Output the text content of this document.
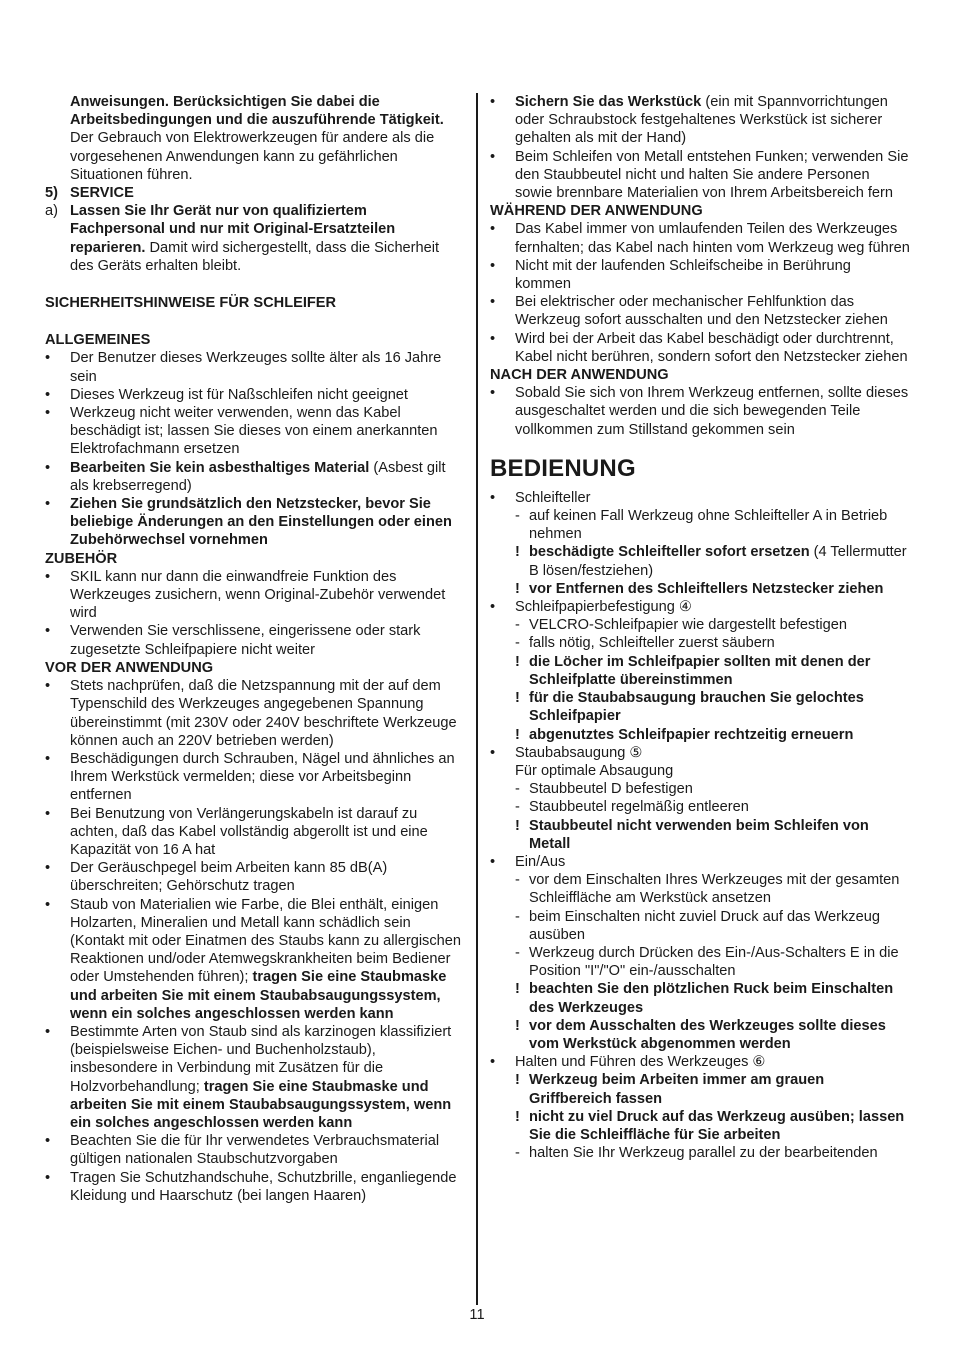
Anweisungen. Berücksichtigen Sie dabei die Arbeitsbedingungen und die auszuführende Tätigkeit. Der Gebrauch von Elektrowerkzeugen für andere als die vorgesehenen Anwendungen kann zu gefährlichen Situationen führen.

5) SERVICE

a) Lassen Sie Ihr Gerät nur von qualifiziertem Fachpersonal und nur mit Original-Ersatzteilen reparieren. Damit wird sichergestellt, dass die Sicherheit des Geräts erhalten bleibt.

SICHERHEITSHINWEISE FÜR SCHLEIFER

ALLGEMEINES

•	Der Benutzer dieses Werkzeuges sollte älter als 16 Jahre sein

•	Dieses Werkzeug ist für Naßschleifen nicht geeignet

•	Werkzeug nicht weiter verwenden, wenn das Kabel beschädigt ist; lassen Sie dieses von einem anerkannten Elektrofachmann ersetzen

•	Bearbeiten Sie kein asbesthaltiges Material (Asbest gilt als krebserregend)

•	Ziehen Sie grundsätzlich den Netzstecker, bevor Sie beliebige Änderungen an den Einstellungen oder einen Zubehörwechsel vornehmen

ZUBEHÖR

•	SKIL kann nur dann die einwandfreie Funktion des Werkzeuges zusichern, wenn Original-Zubehör verwendet wird

•	Verwenden Sie verschlissene, eingerissene oder stark zugesetzte Schleifpapiere nicht weiter

VOR DER ANWENDUNG

•	Stets nachprüfen, daß die Netzspannung mit der auf dem Typenschild des Werkzeuges angegebenen Spannung übereinstimmt (mit 230V oder 240V beschriftete Werkzeuge können auch an 220V betrieben werden)

•	Beschädigungen durch Schrauben, Nägel und ähnliches an Ihrem Werkstück vermelden; diese vor Arbeitsbeginn entfernen

•	Bei Benutzung von Verlängerungskabeln ist darauf zu achten, daß das Kabel vollständig abgerollt ist und eine Kapazität von 16 A hat

•	Der Geräuschpegel beim Arbeiten kann 85 dB(A) überschreiten; Gehörschutz tragen

•	Staub von Materialien wie Farbe, die Blei enthält, einigen Holzarten, Mineralien und Metall kann schädlich sein (Kontakt mit oder Einatmen des Staubs kann zu allergischen Reaktionen und/oder Atemwegskrankheiten beim Bediener oder Umstehenden führen); tragen Sie eine Staubmaske und arbeiten Sie mit einem Staubabsaugungssystem, wenn ein solches angeschlossen werden kann

•	Bestimmte Arten von Staub sind als karzinogen klassifiziert (beispielsweise Eichen- und Buchenholzstaub), insbesondere in Verbindung mit Zusätzen für die Holzvorbehandlung; tragen Sie eine Staubmaske und arbeiten Sie mit einem Staubabsaugungssystem, wenn ein solches angeschlossen werden kann

•	Beachten Sie die für Ihr verwendetes Verbrauchsmaterial gültigen nationalen Staubschutzvorgaben

•	Tragen Sie Schutzhandschuhe, Schutzbrille, enganliegende Kleidung und Haarschutz (bei langen Haaren)

•	Sichern Sie das Werkstück (ein mit Spannvorrichtungen oder Schraubstock festgehaltenes Werkstück ist sicherer gehalten als mit der Hand)

•	Beim Schleifen von Metall entstehen Funken; verwenden Sie den Staubbeutel nicht und halten Sie andere Personen sowie brennbare Materialien von Ihrem Arbeitsbereich fern

WÄHREND DER ANWENDUNG

•	Das Kabel immer von umlaufenden Teilen des Werkzeuges fernhalten; das Kabel nach hinten vom Werkzeug weg führen

•	Nicht mit der laufenden Schleifscheibe in Berührung kommen

•	Bei elektrischer oder mechanischer Fehlfunktion das Werkzeug sofort ausschalten und den Netzstecker ziehen

•	Wird bei der Arbeit das Kabel beschädigt oder durchtrennt, Kabel nicht berühren, sondern sofort den Netzstecker ziehen

NACH DER ANWENDUNG

•	Sobald Sie sich von Ihrem Werkzeug entfernen, sollte dieses ausgeschaltet werden und die sich bewegenden Teile vollkommen zum Stillstand gekommen sein

BEDIENUNG

•	Schleifteller

- auf keinen Fall Werkzeug ohne Schleifteller A in Betrieb nehmen

! beschädigte Schleifteller sofort ersetzen (4 Tellermutter B lösen/festziehen)

! vor Entfernen des Schleiftellers Netzstecker ziehen

•	Schleifpapierbefestigung ④

- VELCRO-Schleifpapier wie dargestellt befestigen

- falls nötig, Schleifteller zuerst säubern

! die Löcher im Schleifpapier sollten mit denen der Schleifplatte übereinstimmen

! für die Staubabsaugung brauchen Sie gelochtes Schleifpapier

! abgenutztes Schleifpapier rechtzeitig erneuern

•	Staubabsaugung ⑤

Für optimale Absaugung

- Staubbeutel D befestigen

- Staubbeutel regelmäßig entleeren

! Staubbeutel nicht verwenden beim Schleifen von Metall

•	Ein/Aus

- vor dem Einschalten Ihres Werkzeuges mit der gesamten Schleiffläche am Werkstück ansetzen

- beim Einschalten nicht zuviel Druck auf das Werkzeug ausüben

- Werkzeug durch Drücken des Ein-/Aus-Schalters E in die Position "I"/"O" ein-/ausschalten

! beachten Sie den plötzlichen Ruck beim Einschalten des Werkzeuges

! vor dem Ausschalten des Werkzeuges sollte dieses vom Werkstück abgenommen werden

•	Halten und Führen des Werkzeuges ⑥

! Werkzeug beim Arbeiten immer am grauen Griffbereich fassen

! nicht zu viel Druck auf das Werkzeug ausüben; lassen Sie die Schleiffläche für Sie arbeiten

- halten Sie Ihr Werkzeug parallel zu der bearbeitenden

11
